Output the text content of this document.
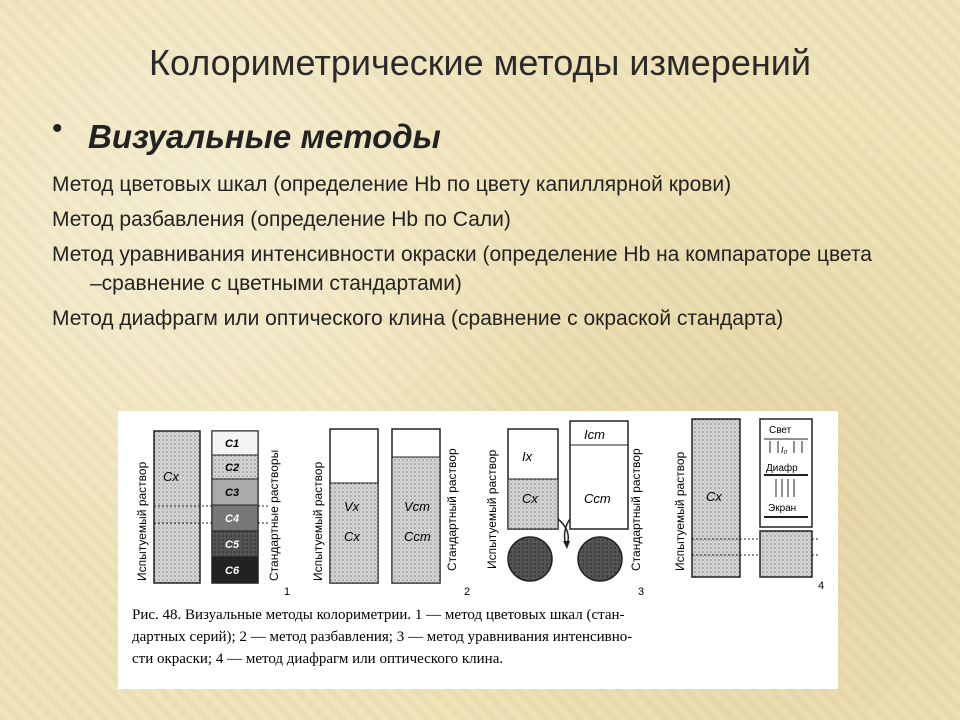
Колориметрические методы измерений
• Визуальные методы
Метод цветовых шкал (определение Hb по цвету капиллярной крови)
Метод разбавления (определение Hb по Сали)
Метод уравнивания интенсивности окраски (определение Hb на компараторе цвета –сравнение с цветными стандартами)
Метод диафрагм или оптического клина (сравнение с окраской стандарта)
Испытуемый раствор Cx
C1
C2
C3
C4
C5
C6 Стандартные растворы
1
Испытуемый раствор Vx
Cx
Vст
Cст Стандартный раствор
2
Испытуемый раствор Ix
Cx
Iст
Cст Стандартный раствор
3
Испытуемый раствор Cx
Свет
I₀
Диафр
Экран
4
Рис. 48. Визуальные методы колориметрии. 1 — метод цветовых шкал (стан-
дартных серий); 2 — метод разбавления; 3 — метод уравнивания интенсивно-
сти окраски; 4 — метод диафрагм или оптического клина.
